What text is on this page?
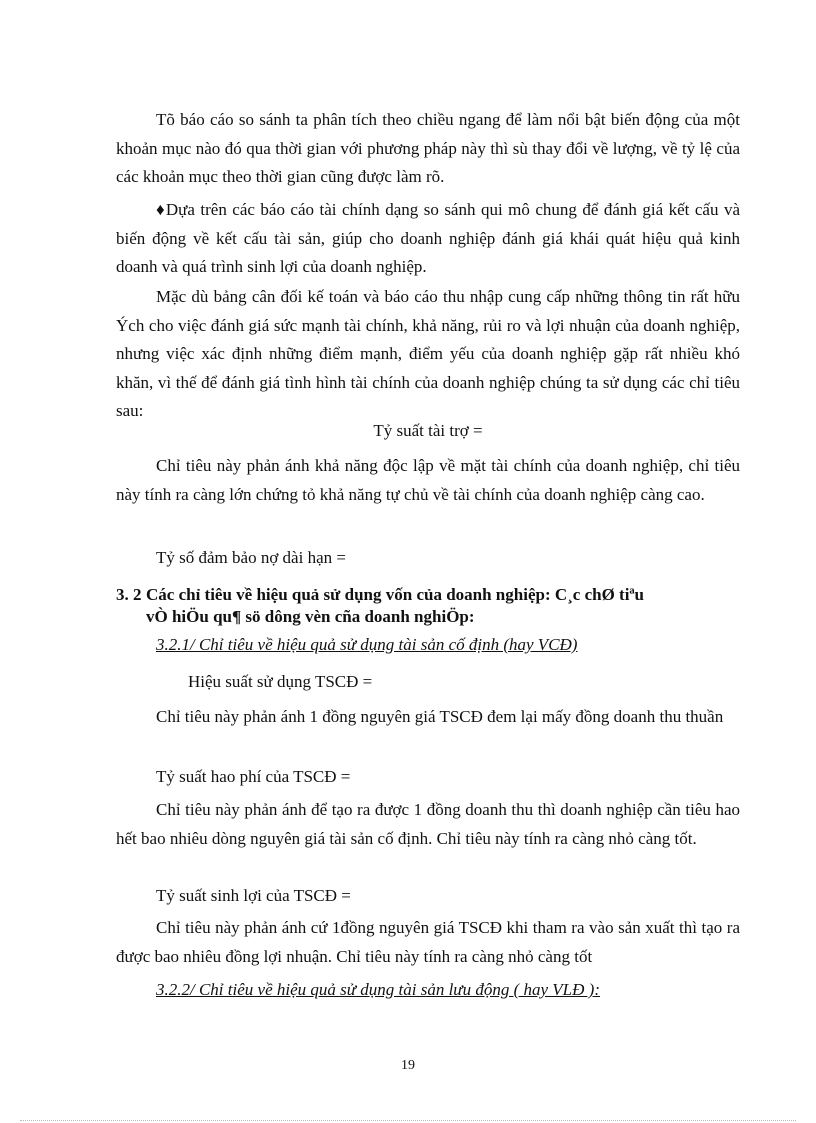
Tõ báo cáo so sánh ta phân tích theo chiều ngang để làm nổi bật biến động của một khoản mục nào đó qua thời gian với phương pháp này thì sù thay đổi về lượng, về tỷ lệ của các khoản mục theo thời gian cũng được làm rõ.
♦Dựa trên các báo cáo tài chính dạng so sánh qui mô chung để đánh giá kết cấu và biến động về kết cấu tài sản, giúp cho doanh nghiệp đánh giá khái quát hiệu quả kinh doanh và quá trình sinh lợi của doanh nghiệp.
Mặc dù bảng cân đối kế toán và báo cáo thu nhập cung cấp những thông tin rất hữu Ých cho việc đánh giá sức mạnh tài chính, khả năng, rủi ro và lợi nhuận của doanh nghiệp, nhưng việc xác định những điểm mạnh, điểm yếu của doanh nghiệp gặp rất nhiều khó khăn, vì thế để đánh giá tình hình tài chính của doanh nghiệp chúng ta sử dụng các chỉ tiêu sau:
Tỷ suất tài trợ =
Chỉ tiêu này phản ánh khả năng độc lập về mặt tài chính của doanh nghiệp, chỉ tiêu này tính ra càng lớn chứng tỏ khả năng tự chủ về tài chính của doanh nghiệp càng cao.
Tỷ số đảm bảo nợ dài hạn =
3. 2 Các chỉ tiêu về hiệu quả sử dụng vốn của doanh nghiệp: C¸c chØ tiªu
vÒ hiÖu qu¶ sö dông vèn cña doanh nghiÖp:
3.2.1/ Chỉ tiêu về hiệu quả sử dụng tài sản cố định (hay VCĐ)
Hiệu suất sử dụng TSCĐ =
Chỉ tiêu này phản ánh 1 đồng nguyên giá TSCĐ đem lại mấy đồng doanh thu thuần
Tỷ suất hao phí của TSCĐ =
Chỉ tiêu này phản ánh để tạo ra được 1 đồng doanh thu thì doanh nghiệp cần tiêu hao hết bao nhiêu dòng nguyên giá tài sản cố định. Chỉ tiêu này tính ra càng nhỏ càng tốt.
Tỷ suất sinh lợi của TSCĐ =
Chỉ tiêu này phản ánh cứ 1đồng nguyên giá TSCĐ khi tham ra vào sản xuất thì tạo ra được bao nhiêu đồng lợi nhuận. Chỉ tiêu này tính ra càng nhỏ càng tốt
3.2.2/ Chỉ tiêu về hiệu quả sử dụng tài sản lưu động ( hay VLĐ ):
19
